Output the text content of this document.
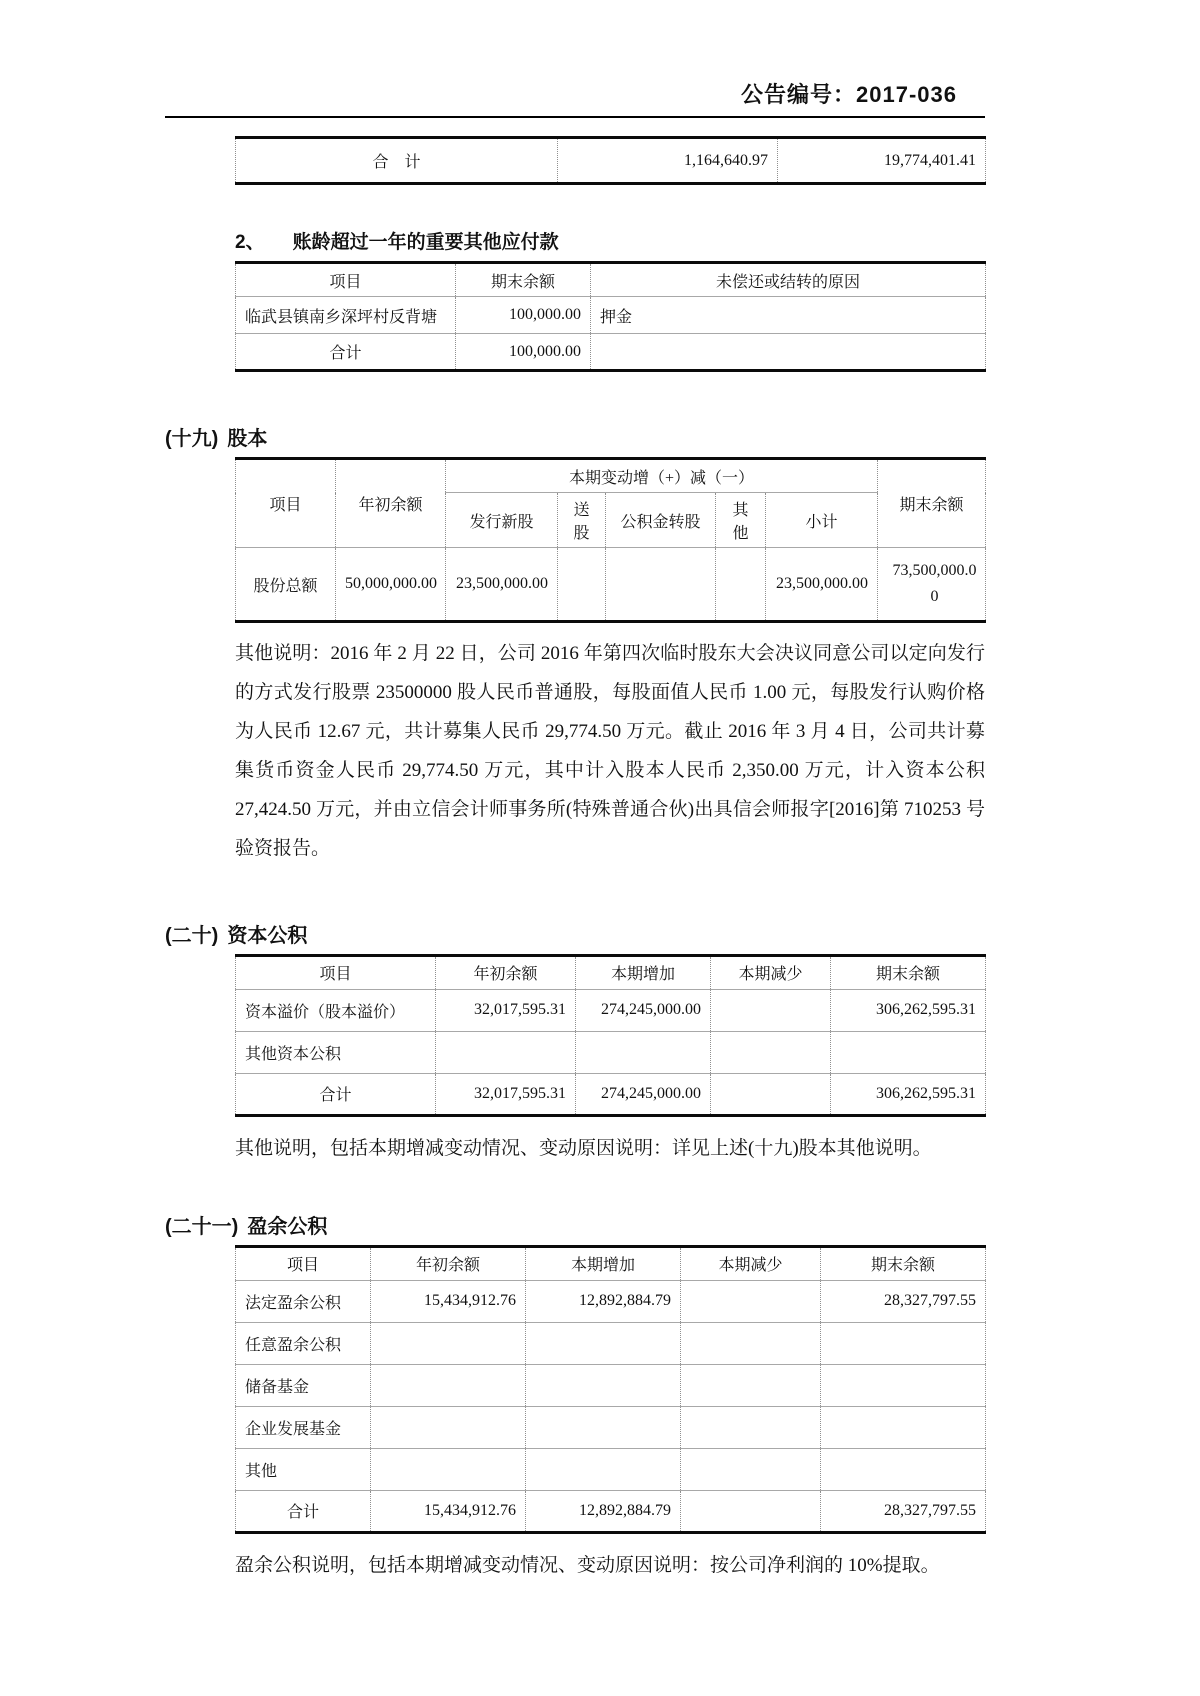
公告编号：2017-036
合　计	1,164,640.97	19,774,401.41
2、 账龄超过一年的重要其他应付款
项目	期末余额	未偿还或结转的原因
临武县镇南乡深坪村反背塘	100,000.00	押金
合计	100,000.00	
(十九) 股本
项目	年初余额	本期变动增（+）减（一）					期末余额
		发行新股	送股	公积金转股	其他	小计	
股份总额	50,000,000.00	23,500,000.00				23,500,000.00	73,500,000.00

其他说明：2016 年 2 月 22 日，公司 2016 年第四次临时股东大会决议同意公司以定向发行的方式发行股票 23500000 股人民币普通股，每股面值人民币 1.00 元，每股发行认购价格为人民币 12.67 元，共计募集人民币 29,774.50 万元。截止 2016 年 3 月 4 日，公司共计募集货币资金人民币 29,774.50 万元，其中计入股本人民币 2,350.00 万元，计入资本公积 27,424.50 万元，并由立信会计师事务所(特殊普通合伙)出具信会师报字[2016]第 710253 号验资报告。

(二十) 资本公积
项目	年初余额	本期增加	本期减少	期末余额
资本溢价（股本溢价）	32,017,595.31	274,245,000.00		306,262,595.31
其他资本公积				
合计	32,017,595.31	274,245,000.00		306,262,595.31

其他说明，包括本期增减变动情况、变动原因说明：详见上述(十九)股本其他说明。

(二十一) 盈余公积
项目	年初余额	本期增加	本期减少	期末余额
法定盈余公积	15,434,912.76	12,892,884.79		28,327,797.55
任意盈余公积				
储备基金				
企业发展基金				
其他				
合计	15,434,912.76	12,892,884.79		28,327,797.55

盈余公积说明，包括本期增减变动情况、变动原因说明：按公司净利润的 10%提取。
